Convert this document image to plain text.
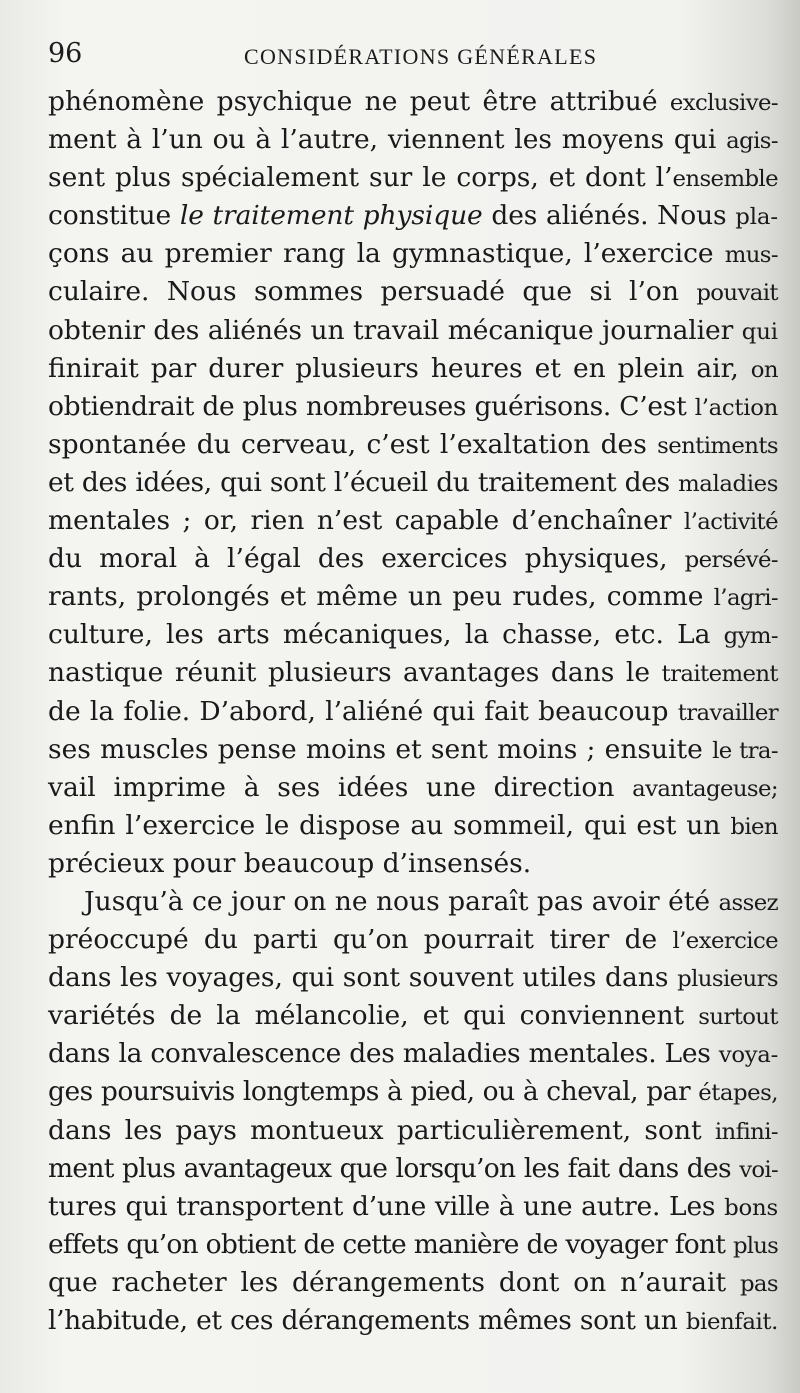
96	CONSIDÉRATIONS GÉNÉRALES
phénomène psychique ne peut être attribué exclusive-
ment à l’un ou à l’autre, viennent les moyens qui agis-
sent plus spécialement sur le corps, et dont l’ensemble
constitue le traitement physique des aliénés. Nous pla-
çons au premier rang la gymnastique, l’exercice mus-
culaire. Nous sommes persuadé que si l’on pouvait
obtenir des aliénés un travail mécanique journalier qui
finirait par durer plusieurs heures et en plein air, on
obtiendrait de plus nombreuses guérisons. C’est l’action
spontanée du cerveau, c’est l’exaltation des sentiments
et des idées, qui sont l’écueil du traitement des maladies
mentales ; or, rien n’est capable d’enchaîner l’activité
du moral à l’égal des exercices physiques, persévé-
rants, prolongés et même un peu rudes, comme l’agri-
culture, les arts mécaniques, la chasse, etc. La gym-
nastique réunit plusieurs avantages dans le traitement
de la folie. D’abord, l’aliéné qui fait beaucoup travailler
ses muscles pense moins et sent moins ; ensuite le tra-
vail imprime à ses idées une direction avantageuse;
enfin l’exercice le dispose au sommeil, qui est un bien
précieux pour beaucoup d’insensés.
Jusqu’à ce jour on ne nous paraît pas avoir été assez
préoccupé du parti qu’on pourrait tirer de l’exercice
dans les voyages, qui sont souvent utiles dans plusieurs
variétés de la mélancolie, et qui conviennent surtout
dans la convalescence des maladies mentales. Les voya-
ges poursuivis longtemps à pied, ou à cheval, par étapes,
dans les pays montueux particulièrement, sont infini-
ment plus avantageux que lorsqu’on les fait dans des voi-
tures qui transportent d’une ville à une autre. Les bons
effets qu’on obtient de cette manière de voyager font plus
que racheter les dérangements dont on n’aurait pas
l’habitude, et ces dérangements mêmes sont un bienfait.
